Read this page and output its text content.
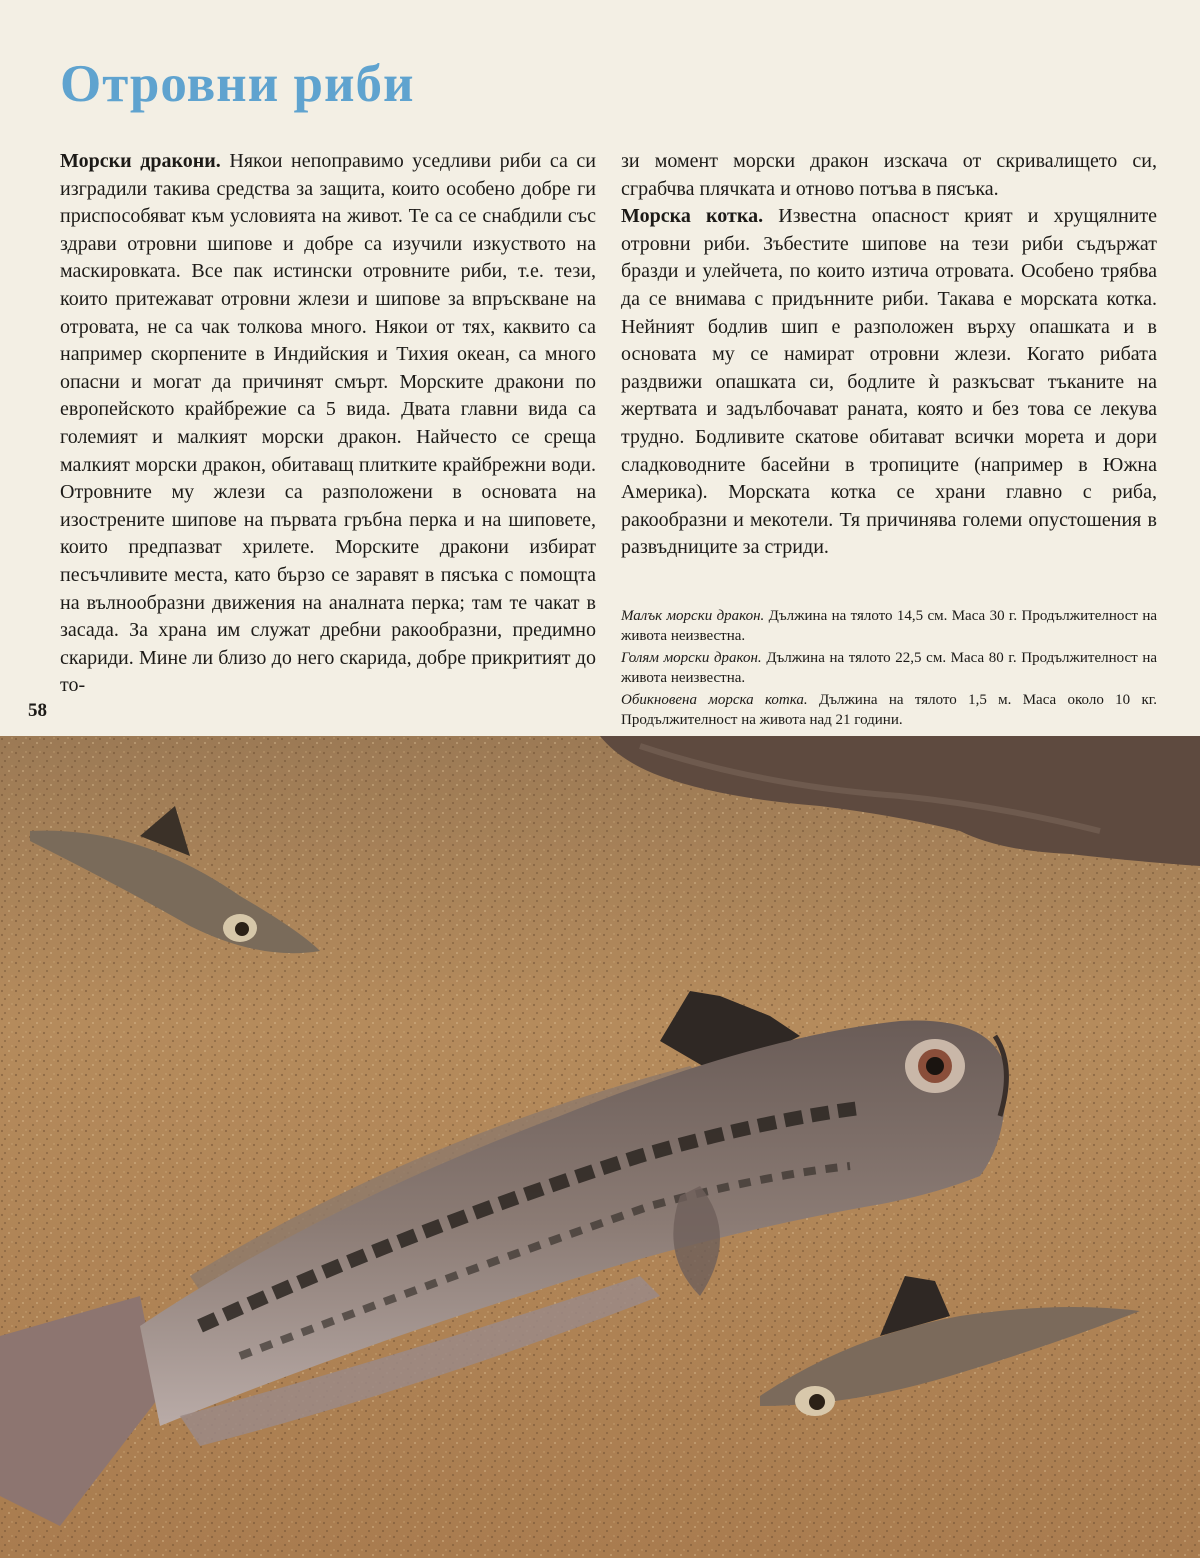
Отровни риби

Морски дракони. Някои непоправимо уседливи риби са си изградили такива средства за защита, които особено добре ги приспособяват към условията на живот. Те са се снабдили със здрави отровни шипове и добре са изучили изкуството на маскировката. Все пак истински отровните риби, т.е. тези, които притежават отровни жлези и шипове за впръскване на отровата, не са чак толкова много. Някои от тях, каквито са например скорпените в Индийския и Тихия океан, са много опасни и могат да причинят смърт. Морските дракони по европейското крайбрежие са 5 вида. Двата главни вида са големият и малкият морски дракон. Найчесто се среща малкият морски дракон, обитаващ плитките крайбрежни води. Отровните му жлези са разположени в основата на изострените шипове на първата гръбна перка и на шиповете, които предпазват хрилете. Морските дракони избират песъчливите места, като бързо се заравят в пясъка с помощта на вълнообразни движения на аналната перка; там те чакат в засада. За храна им служат дребни ракообразни, предимно скариди. Мине ли близо до него скарида, добре прикритият до то-

58

зи момент морски дракон изскача от скривалището си, сграбчва плячката и отново потъва в пясъка.

Морска котка. Известна опасност крият и хрущялните отровни риби. Зъбестите шипове на тези риби съдържат бразди и улейчета, по които изтича отровата. Особено трябва да се внимава с придънните риби. Такава е морската котка. Нейният бодлив шип е разположен върху опашката и в основата му се намират отровни жлези. Когато рибата раздвижи опашката си, бодлите ѝ разкъсват тъканите на жертвата и задълбочават раната, която и без това се лекува трудно. Бодливите скатове обитават всички морета и дори сладководните басейни в тропиците (например в Южна Америка). Морската котка се храни главно с риба, ракообразни и мекотели. Тя причинява големи опустошения в развъдниците за стриди.

Малък морски дракон. Дължина на тялото 14,5 см. Маса 30 г. Продължителност на живота неизвестна.

Голям морски дракон. Дължина на тялото 22,5 см. Маса 80 г. Продължителност на живота неизвестна.

Обикновена морска котка. Дължина на тялото 1,5 м. Маса около 10 кг. Продължителност на живота над 21 години.
